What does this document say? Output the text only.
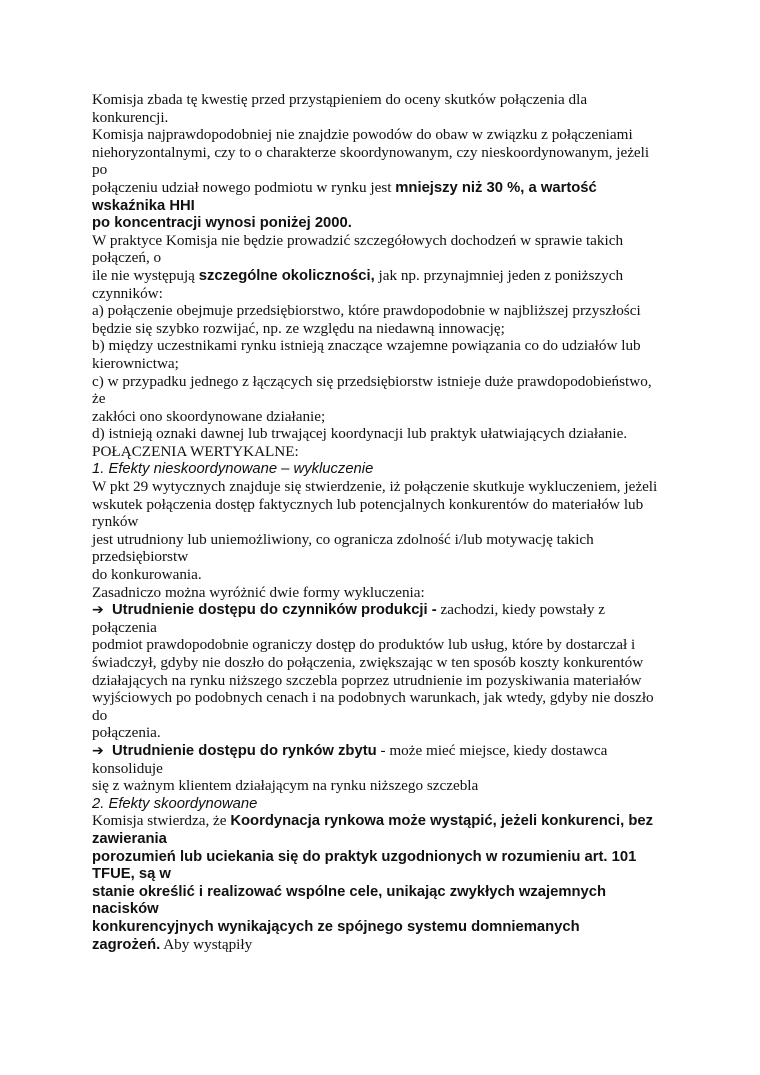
Komisja zbada tę kwestię przed przystąpieniem do oceny skutków połączenia dla
konkurencji.
Komisja najprawdopodobniej nie znajdzie powodów do obaw w związku z połączeniami
niehoryzontalnymi, czy to o charakterze skoordynowanym, czy nieskoordynowanym, jeżeli
po
połączeniu udział nowego podmiotu w rynku jest mniejszy niż 30 %, a wartość
wskaźnika HHI
po koncentracji wynosi poniżej 2000.
W praktyce Komisja nie będzie prowadzić szczegółowych dochodzeń w sprawie takich
połączeń, o
ile nie występują szczególne okoliczności, jak np. przynajmniej jeden z poniższych
czynników:
a) połączenie obejmuje przedsiębiorstwo, które prawdopodobnie w najbliższej przyszłości
będzie się szybko rozwijać, np. ze względu na niedawną innowację;
b) między uczestnikami rynku istnieją znaczące wzajemne powiązania co do udziałów lub
kierownictwa;
c) w przypadku jednego z łączących się przedsiębiorstw istnieje duże prawdopodobieństwo,
że
zakłóci ono skoordynowane działanie;
d) istnieją oznaki dawnej lub trwającej koordynacji lub praktyk ułatwiających działanie.
POŁĄCZENIA WERTYKALNE:
1. Efekty nieskoordynowane – wykluczenie
W pkt 29 wytycznych znajduje się stwierdzenie, iż połączenie skutkuje wykluczeniem, jeżeli
wskutek połączenia dostęp faktycznych lub potencjalnych konkurentów do materiałów lub
rynków
jest utrudniony lub uniemożliwiony, co ogranicza zdolność i/lub motywację takich
przedsiębiorstw
do konkurowania.
Zasadniczo można wyróżnić dwie formy wykluczenia:
➔  Utrudnienie dostępu do czynników produkcji - zachodzi, kiedy powstały z
połączenia
podmiot prawdopodobnie ograniczy dostęp do produktów lub usług, które by dostarczał i
świadczył, gdyby nie doszło do połączenia, zwiększając w ten sposób koszty konkurentów
działających na rynku niższego szczebla poprzez utrudnienie im pozyskiwania materiałów
wyjściowych po podobnych cenach i na podobnych warunkach, jak wtedy, gdyby nie doszło
do
połączenia.
➔  Utrudnienie dostępu do rynków zbytu - może mieć miejsce, kiedy dostawca
konsoliduje
się z ważnym klientem działającym na rynku niższego szczebla
2. Efekty skoordynowane
Komisja stwierdza, że Koordynacja rynkowa może wystąpić, jeżeli konkurenci, bez
zawierania
porozumień lub uciekania się do praktyk uzgodnionych w rozumieniu art. 101
TFUE, są w
stanie określić i realizować wspólne cele, unikając zwykłych wzajemnych
nacisków
konkurencyjnych wynikających ze spójnego systemu domniemanych
zagrożeń. Aby wystąpiły
